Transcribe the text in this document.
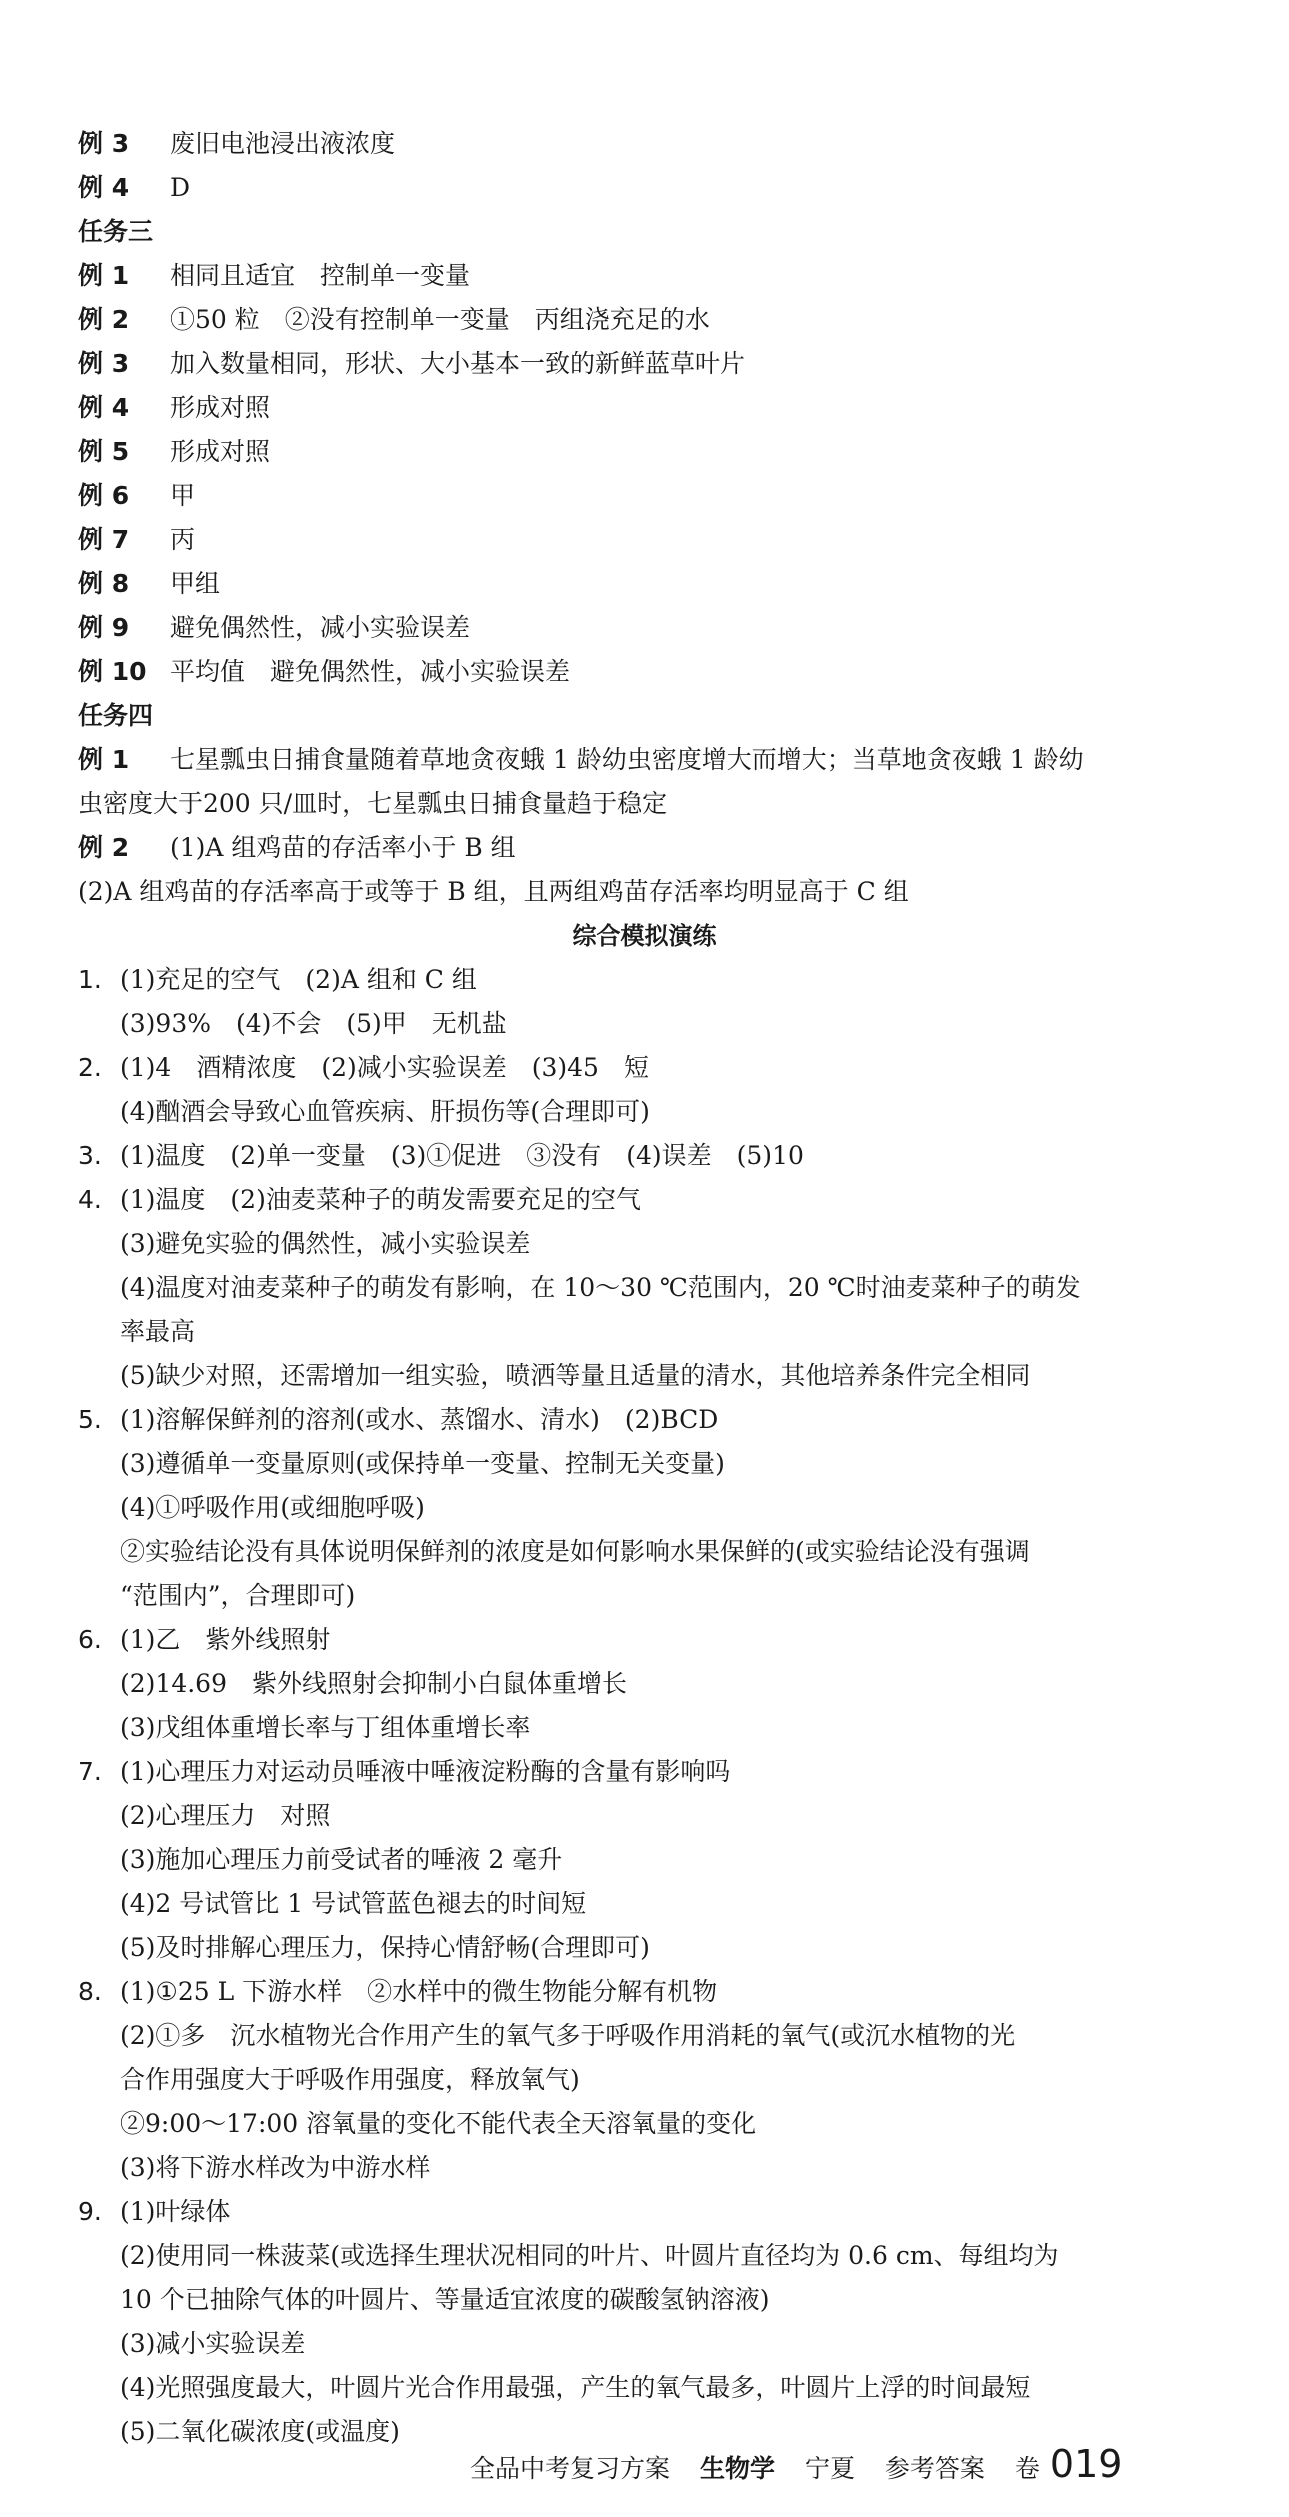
例 3 废旧电池浸出液浓度
例 4 D
任务三
例 1 相同且适宜　控制单一变量
例 2 ①50 粒　②没有控制单一变量　丙组浇充足的水
例 3 加入数量相同，形状、大小基本一致的新鲜蓝草叶片
例 4 形成对照
例 5 形成对照
例 6 甲
例 7 丙
例 8 甲组
例 9 避免偶然性，减小实验误差
例 10 平均值　避免偶然性，减小实验误差
任务四
例 1 七星瓢虫日捕食量随着草地贪夜蛾 1 龄幼虫密度增大而增大；当草地贪夜蛾 1 龄幼
虫密度大于200 只/皿时，七星瓢虫日捕食量趋于稳定
例 2 (1)A 组鸡苗的存活率小于 B 组
(2)A 组鸡苗的存活率高于或等于 B 组，且两组鸡苗存活率均明显高于 C 组
综合模拟演练
1. (1)充足的空气　(2)A 组和 C 组
(3)93%　(4)不会　(5)甲　无机盐
2. (1)4　酒精浓度　(2)减小实验误差　(3)45　短
(4)酗酒会导致心血管疾病、肝损伤等(合理即可)
3. (1)温度　(2)单一变量　(3)①促进　③没有　(4)误差　(5)10
4. (1)温度　(2)油麦菜种子的萌发需要充足的空气
(3)避免实验的偶然性，减小实验误差
(4)温度对油麦菜种子的萌发有影响，在 10～30 ℃范围内，20 ℃时油麦菜种子的萌发
率最高
(5)缺少对照，还需增加一组实验，喷洒等量且适量的清水，其他培养条件完全相同
5. (1)溶解保鲜剂的溶剂(或水、蒸馏水、清水)　(2)BCD
(3)遵循单一变量原则(或保持单一变量、控制无关变量)
(4)①呼吸作用(或细胞呼吸)
②实验结论没有具体说明保鲜剂的浓度是如何影响水果保鲜的(或实验结论没有强调
“范围内”，合理即可)
6. (1)乙　紫外线照射
(2)14.69　紫外线照射会抑制小白鼠体重增长
(3)戊组体重增长率与丁组体重增长率
7. (1)心理压力对运动员唾液中唾液淀粉酶的含量有影响吗
(2)心理压力　对照
(3)施加心理压力前受试者的唾液 2 毫升
(4)2 号试管比 1 号试管蓝色褪去的时间短
(5)及时排解心理压力，保持心情舒畅(合理即可)
8. (1)①25 L 下游水样　②水样中的微生物能分解有机物
(2)①多　沉水植物光合作用产生的氧气多于呼吸作用消耗的氧气(或沉水植物的光
合作用强度大于呼吸作用强度，释放氧气)
②9:00～17:00 溶氧量的变化不能代表全天溶氧量的变化
(3)将下游水样改为中游水样
9. (1)叶绿体
(2)使用同一株菠菜(或选择生理状况相同的叶片、叶圆片直径均为 0.6 cm、每组均为
10 个已抽除气体的叶圆片、等量适宜浓度的碳酸氢钠溶液)
(3)减小实验误差
(4)光照强度最大，叶圆片光合作用最强，产生的氧气最多，叶圆片上浮的时间最短
(5)二氧化碳浓度(或温度)
全品中考复习方案 生物学 宁夏 参考答案 卷 019
